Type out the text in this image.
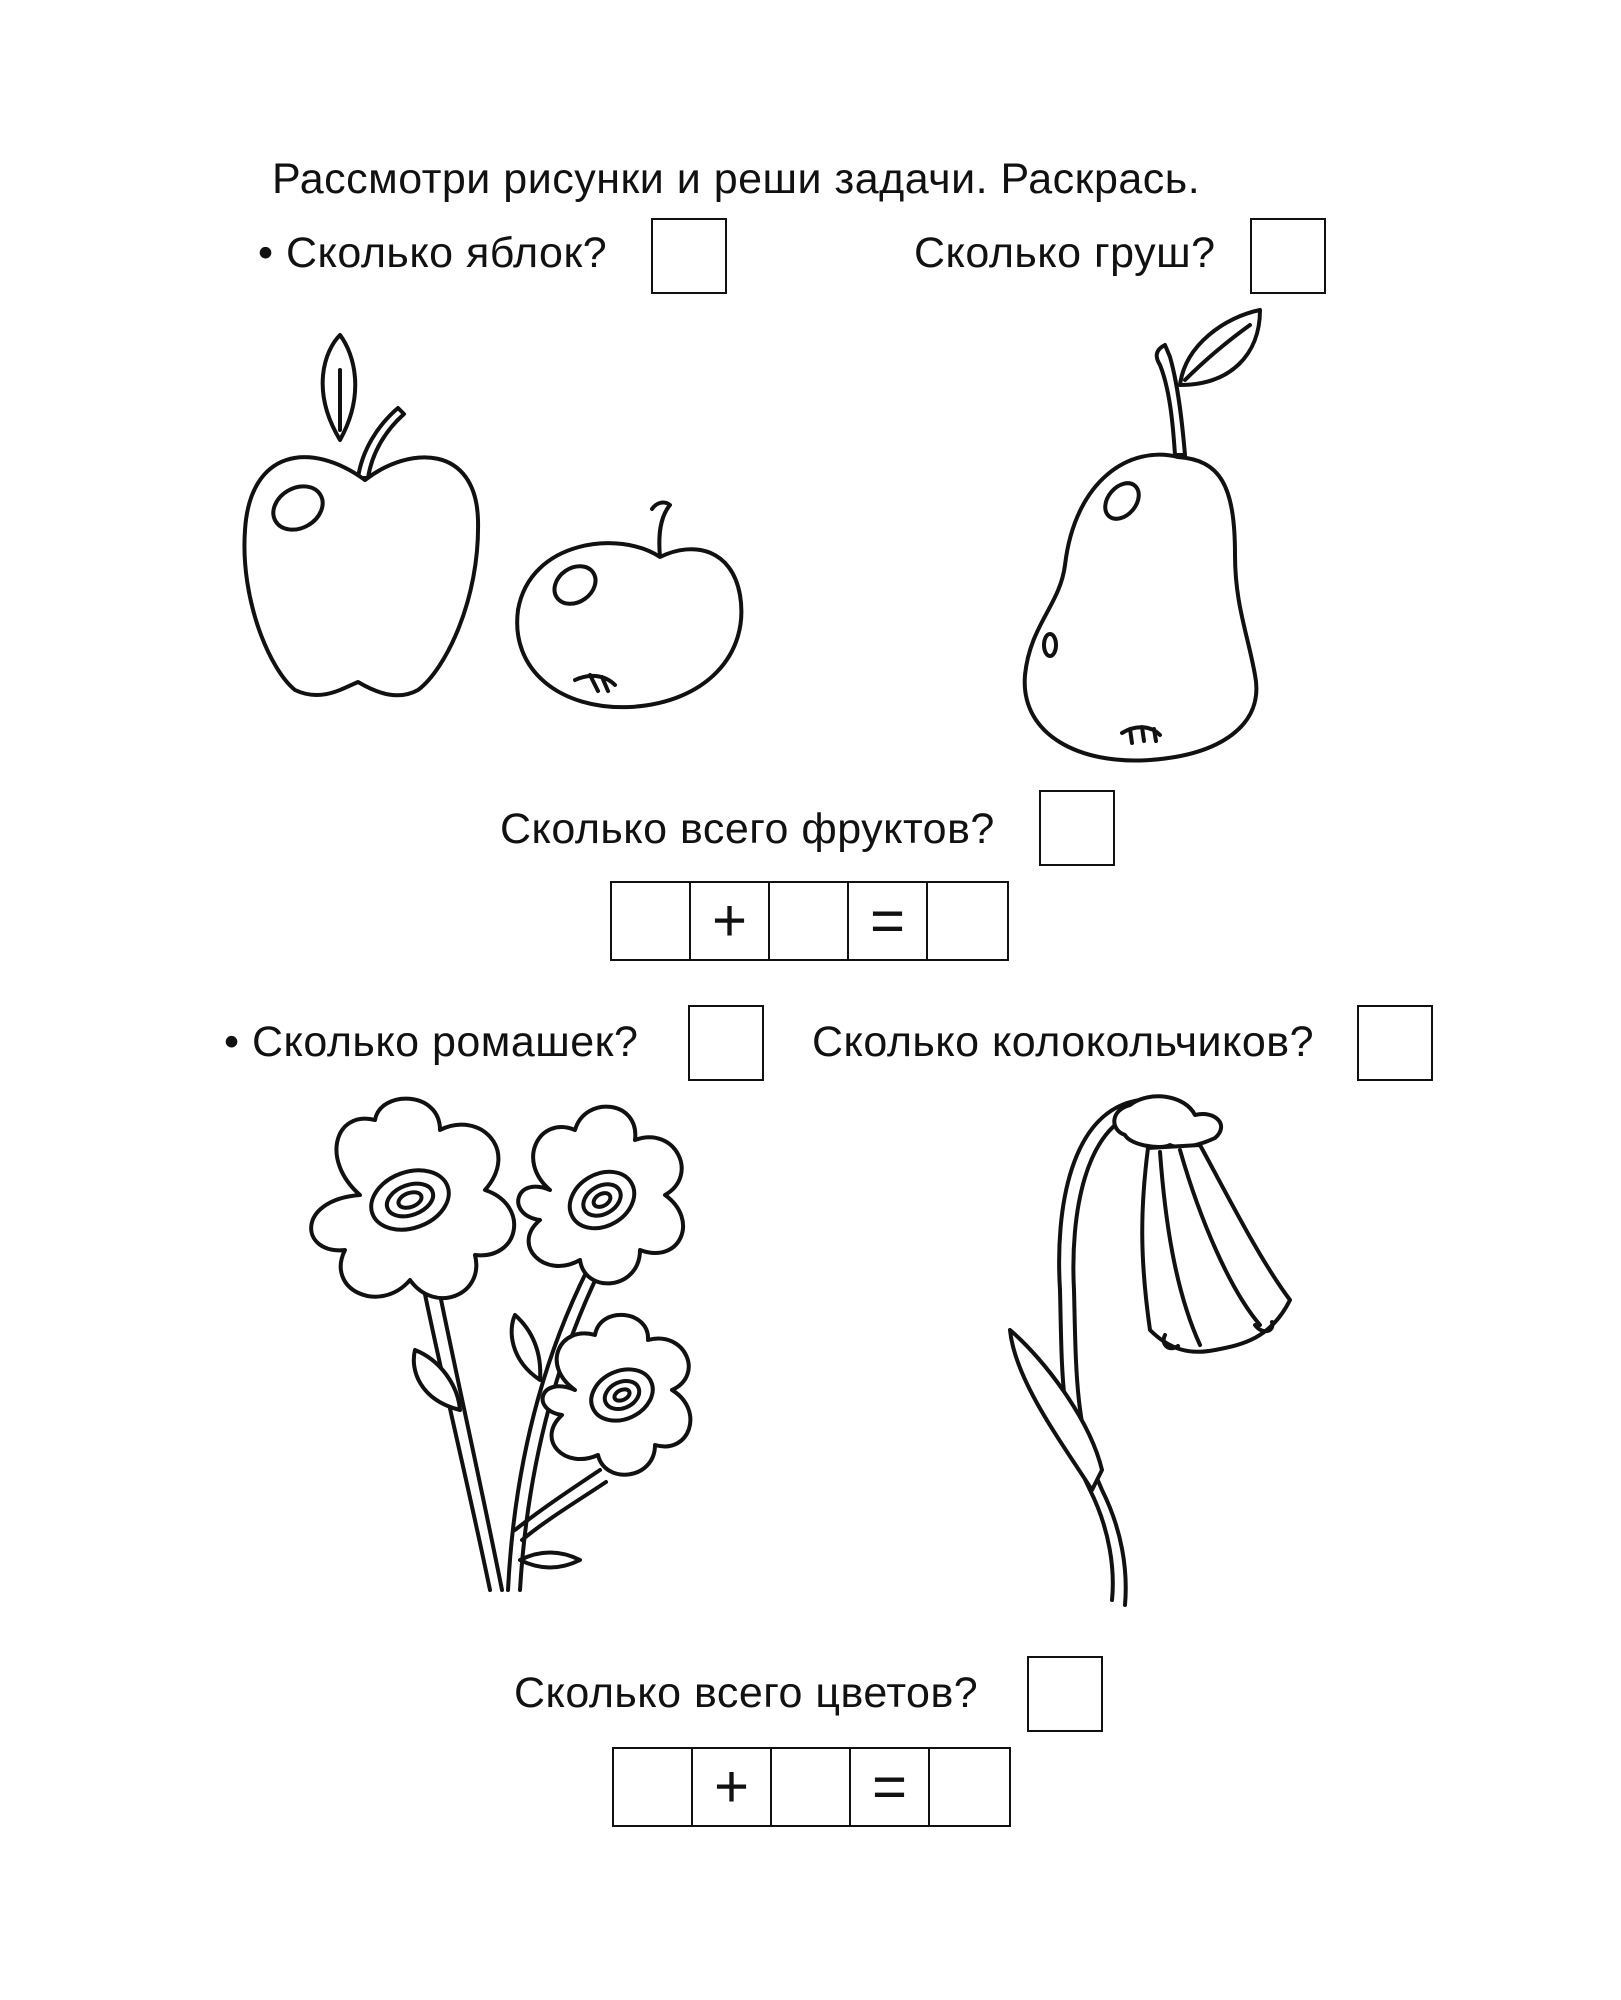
Рассмотри рисунки и реши задачи. Раскрась.
• Сколько яблок?	Сколько груш?
Сколько всего фруктов?
+	=
• Сколько ромашек?	Сколько колокольчиков?
Сколько всего цветов?
+	=
